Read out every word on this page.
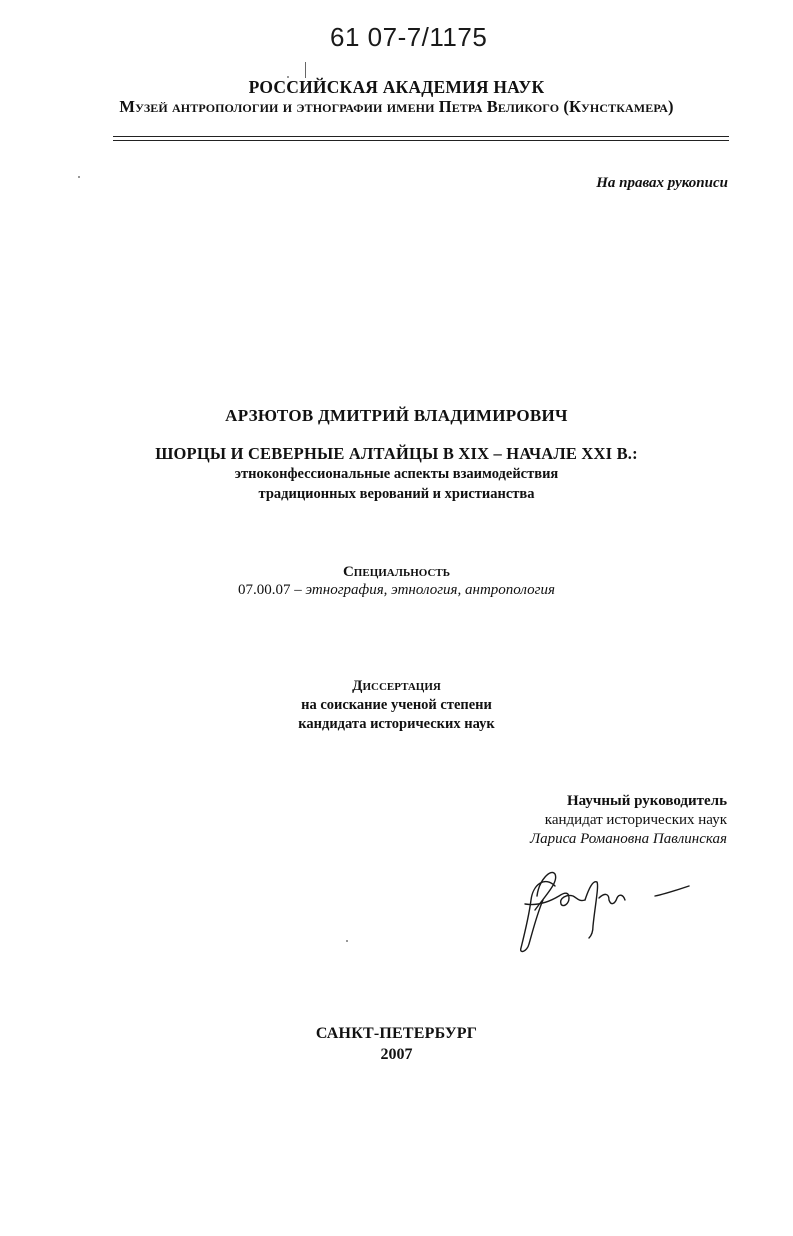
61 07-7/1175
РОССИЙСКАЯ АКАДЕМИЯ НАУК
Музей антропологии и этнографии имени Петра Великого (Кунсткамера)
На правах рукописи
АРЗЮТОВ ДМИТРИЙ ВЛАДИМИРОВИЧ
ШОРЦЫ И СЕВЕРНЫЕ АЛТАЙЦЫ В XIX – НАЧАЛЕ XXI В.:
этноконфессиональные аспекты взаимодействия
традиционных верований и христианства
Специальность
07.00.07 – этнография, этнология, антропология
Диссертация
на соискание ученой степени
кандидата исторических наук
Научный руководитель
кандидат исторических наук
Лариса Романовна Павлинская
САНКТ-ПЕТЕРБУРГ
2007
